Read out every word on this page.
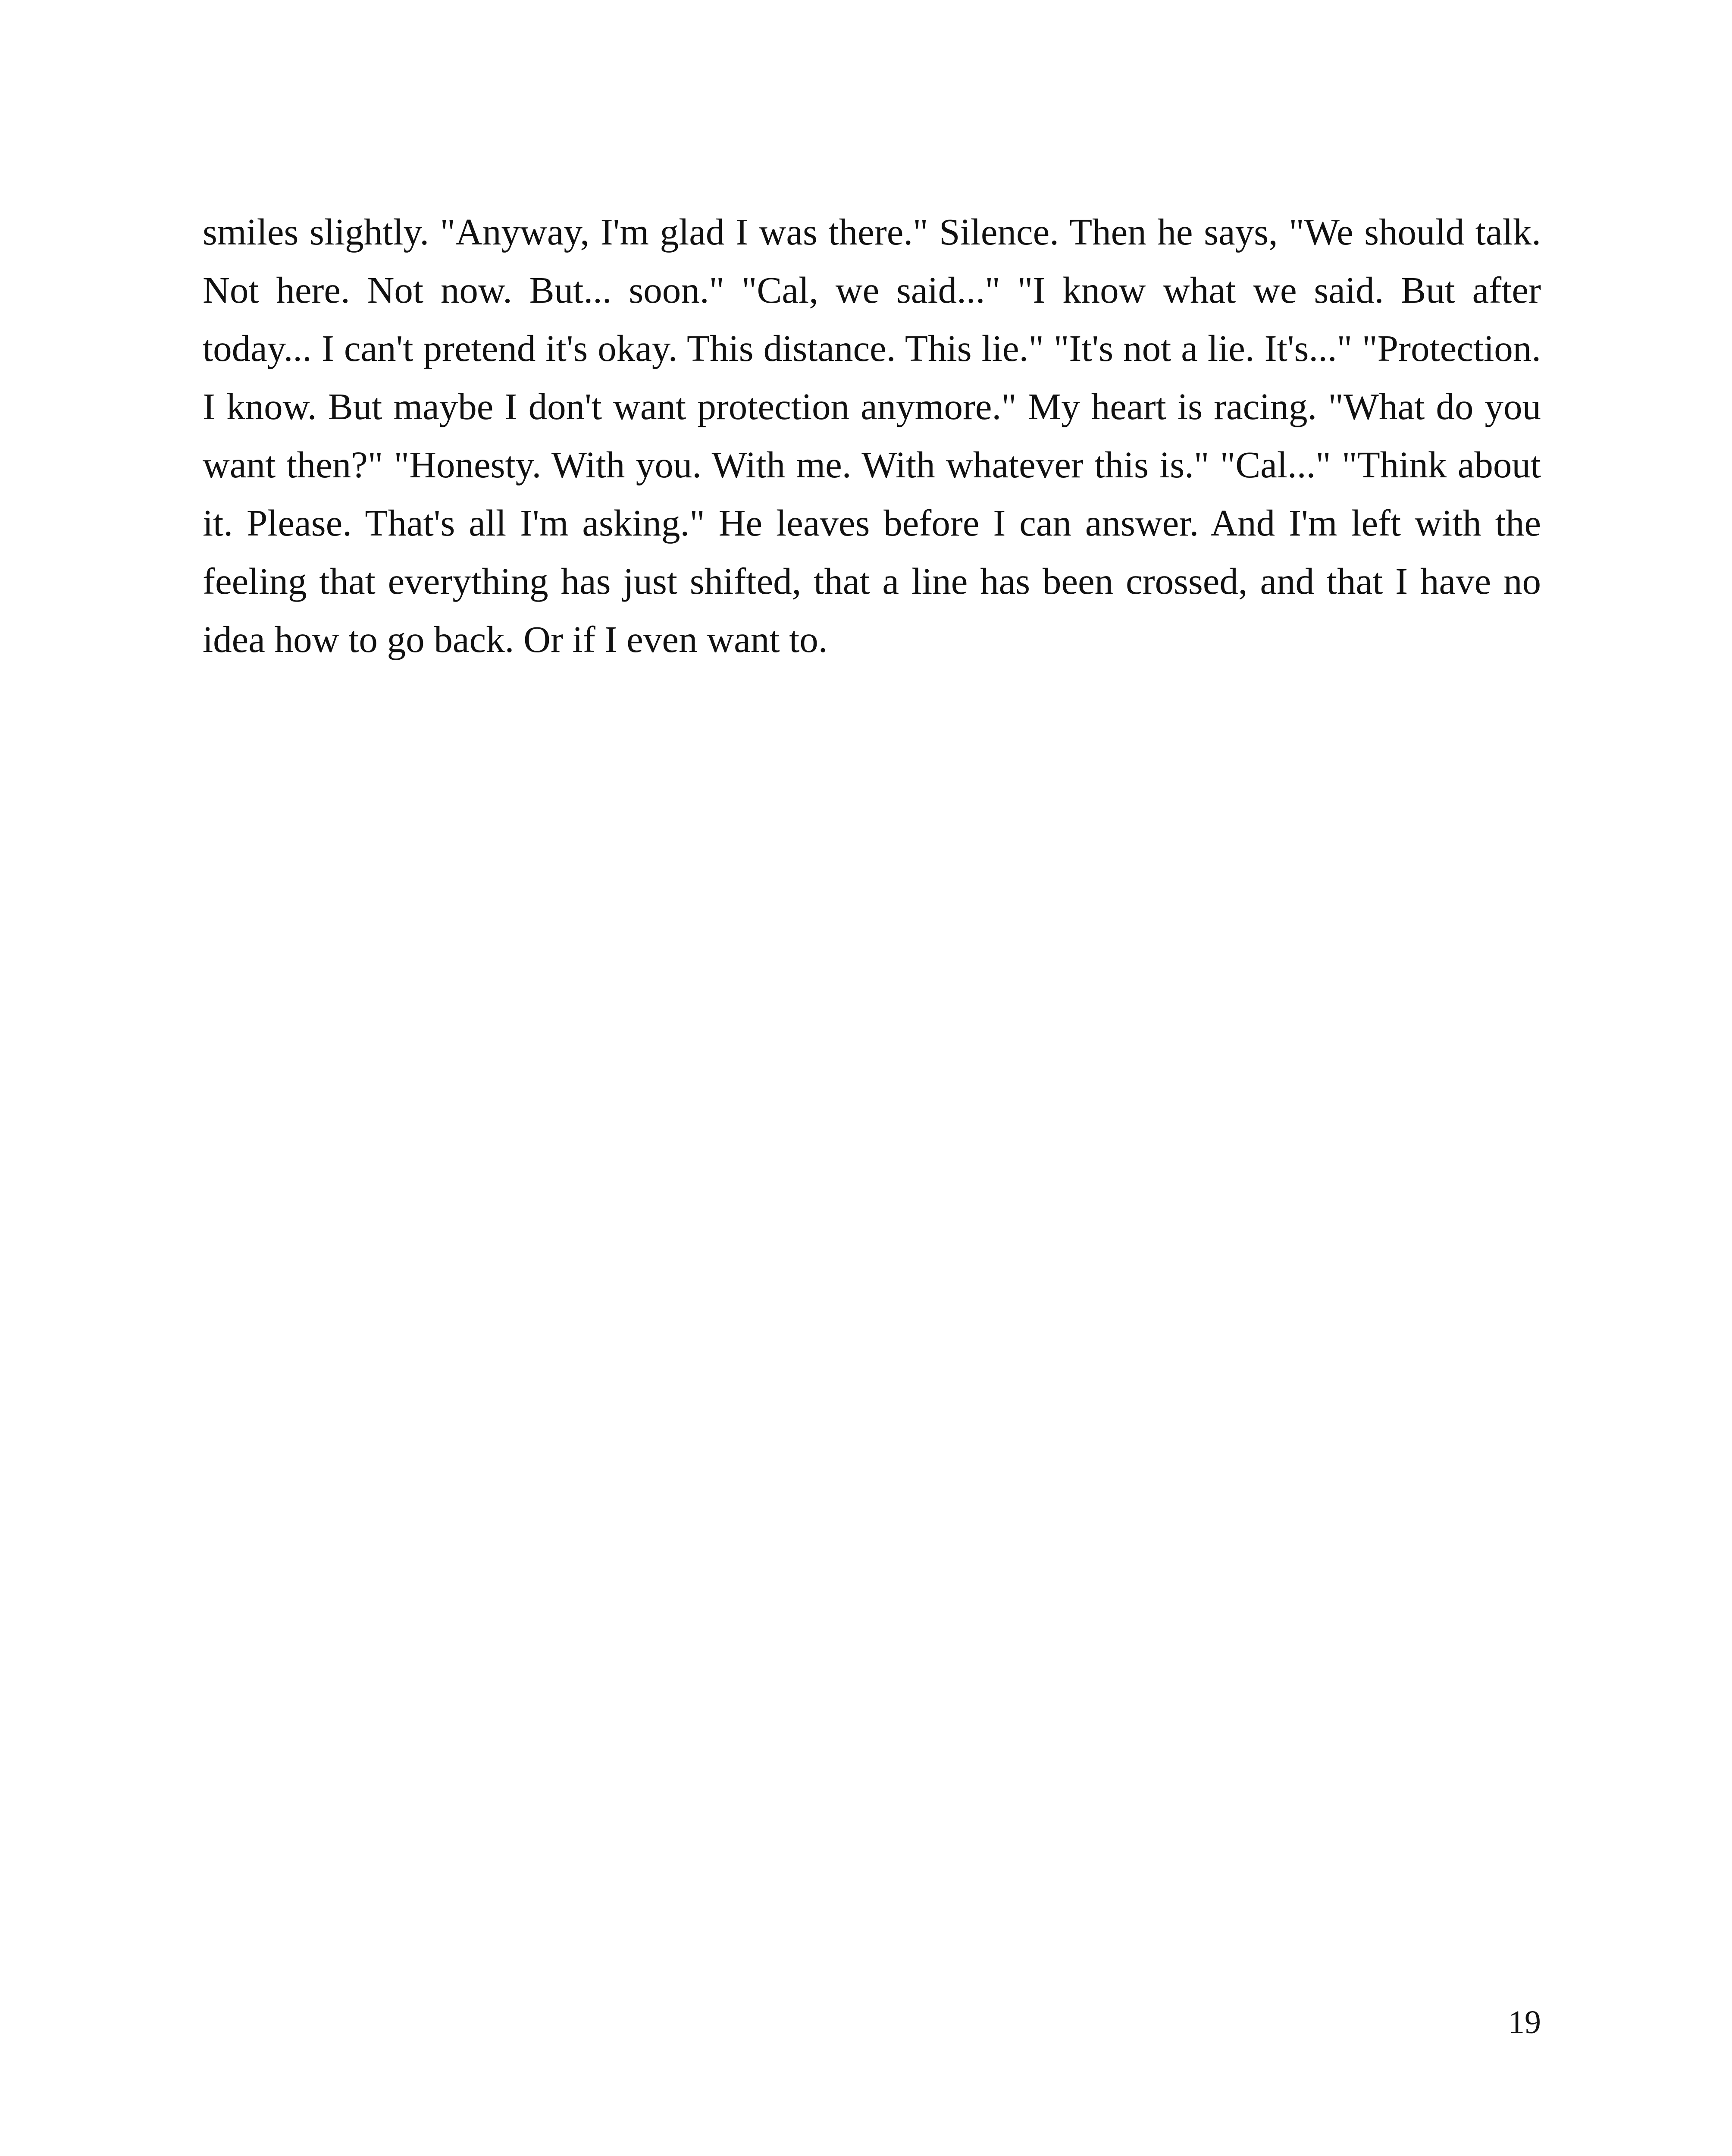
smiles slightly. "Anyway, I'm glad I was there." Silence. Then he says, "We should talk. Not here. Not now. But... soon." "Cal, we said..." "I know what we said. But after today... I can't pretend it's okay. This distance. This lie." "It's not a lie. It's..." "Protection. I know. But maybe I don't want protection anymore." My heart is racing. "What do you want then?" "Honesty. With you. With me. With whatever this is." "Cal..." "Think about it. Please. That's all I'm asking." He leaves before I can answer. And I'm left with the feeling that everything has just shifted, that a line has been crossed, and that I have no idea how to go back. Or if I even want to.

19
